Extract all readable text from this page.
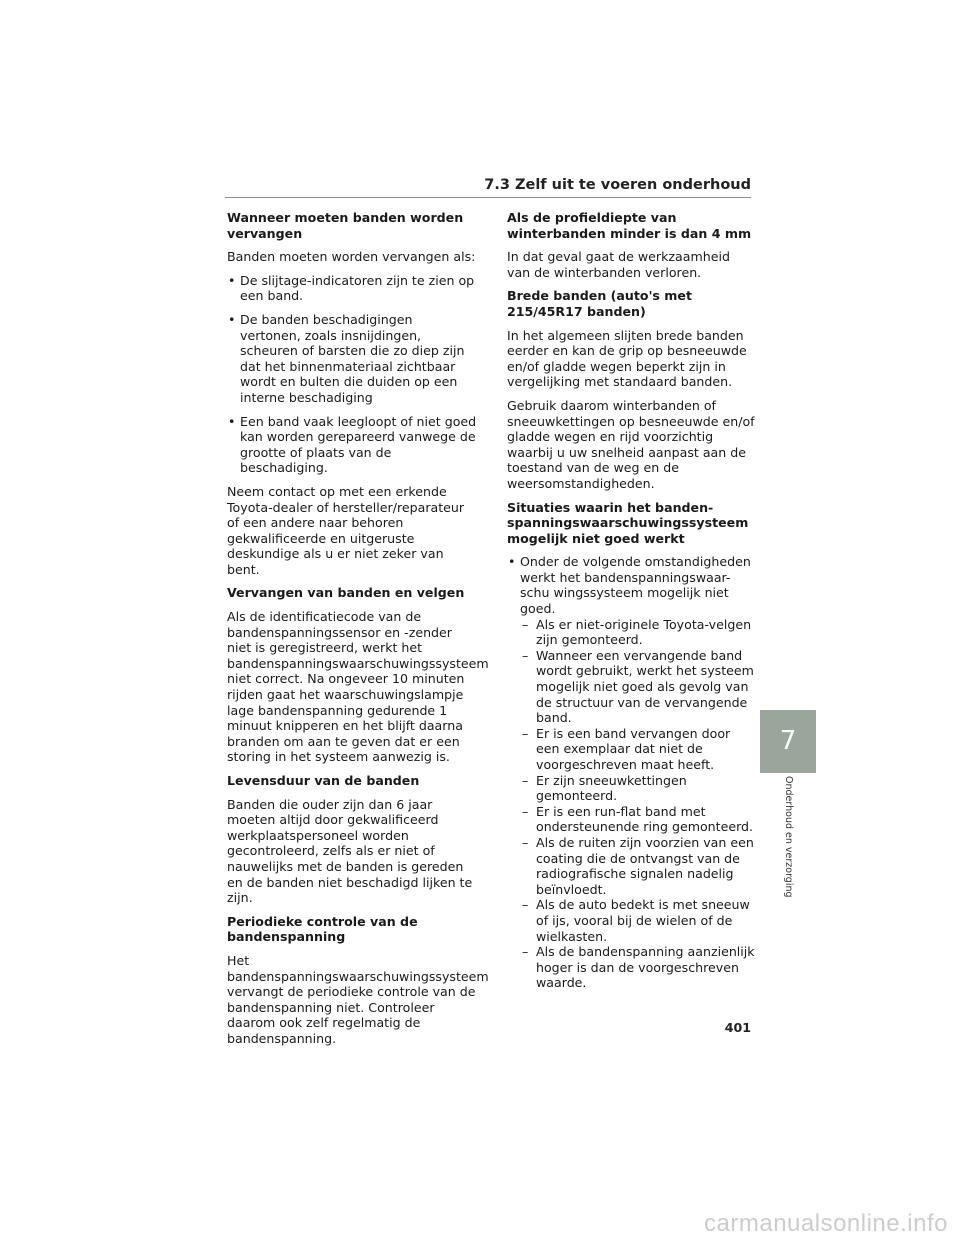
7.3 Zelf uit te voeren onderhoud
Wanneer moeten banden worden vervangen

Banden moeten worden vervangen als:

• De slijtage-indicatoren zijn te zien op een band.
• De banden beschadigingen vertonen, zoals insnijdingen, scheuren of barsten die zo diep zijn dat het binnenmateriaal zichtbaar wordt en bulten die duiden op een interne beschadiging
• Een band vaak leegloopt of niet goed kan worden gerepareerd vanwege de grootte of plaats van de beschadiging.

Neem contact op met een erkende Toyota-dealer of hersteller/reparateur of een andere naar behoren gekwalificeerde en uitgeruste deskundige als u er niet zeker van bent.

Vervangen van banden en velgen

Als de identificatiecode van de bandenspanningssensor en -zender niet is geregistreerd, werkt het bandenspanningswaarschuwingssysteem niet correct. Na ongeveer 10 minuten rijden gaat het waarschuwingslampje lage bandenspanning gedurende 1 minuut knipperen en het blijft daarna branden om aan te geven dat er een storing in het systeem aanwezig is.

Levensduur van de banden

Banden die ouder zijn dan 6 jaar moeten altijd door gekwalificeerd werkplaatspersoneel worden gecontroleerd, zelfs als er niet of nauwelijks met de banden is gereden en de banden niet beschadigd lijken te zijn.

Periodieke controle van de bandenspanning

Het bandenspanningswaarschuwingssysteem vervangt de periodieke controle van de bandenspanning niet. Controleer daarom ook zelf regelmatig de bandenspanning.

Als de profieldiepte van winterbanden minder is dan 4 mm

In dat geval gaat de werkzaamheid van de winterbanden verloren.

Brede banden (auto's met 215/45R17 banden)

In het algemeen slijten brede banden eerder en kan de grip op besneeuwde en/of gladde wegen beperkt zijn in vergelijking met standaard banden.

Gebruik daarom winterbanden of sneeuwkettingen op besneeuwde en/of gladde wegen en rijd voorzichtig waarbij u uw snelheid aanpast aan de toestand van de weg en de weersomstandigheden.

Situaties waarin het banden-spanningswaarschuwingssysteem mogelijk niet goed werkt
• Onder de volgende omstandigheden werkt het bandenspanningswaar-schu wingssysteem mogelijk niet goed.
– Als er niet-originele Toyota-velgen zijn gemonteerd.
– Wanneer een vervangende band wordt gebruikt, werkt het systeem mogelijk niet goed als gevolg van de structuur van de vervangende band.
– Er is een band vervangen door een exemplaar dat niet de voorgeschreven maat heeft.
– Er zijn sneeuwkettingen gemonteerd.
– Er is een run-flat band met ondersteunende ring gemonteerd.
– Als de ruiten zijn voorzien van een coating die de ontvangst van de radiografische signalen nadelig beïnvloedt.
– Als de auto bedekt is met sneeuw of ijs, vooral bij de wielen of de wielkasten.
– Als de bandenspanning aanzienlijk hoger is dan de voorgeschreven waarde.
7
Onderhoud en verzorging
401
carmanualsonline.info
